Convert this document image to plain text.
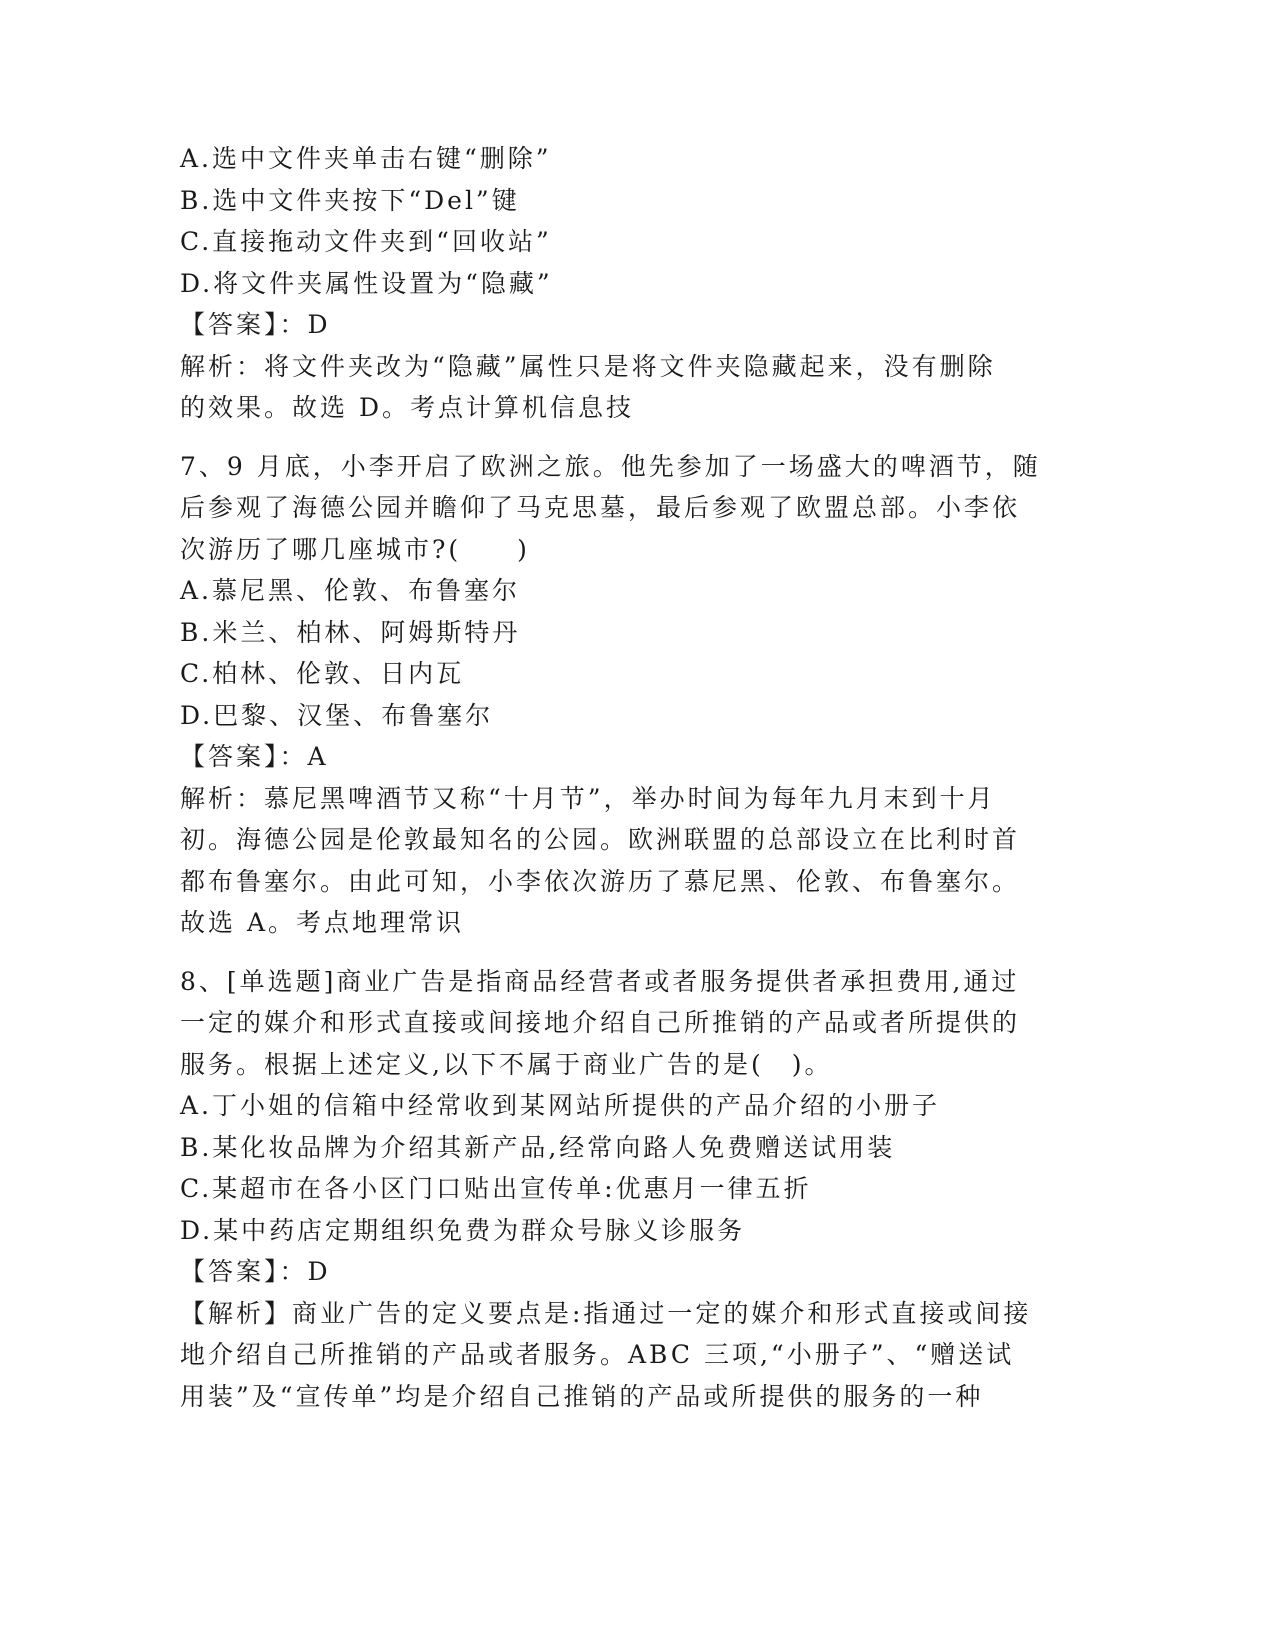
A.选中文件夹单击右键“删除”
B.选中文件夹按下“Del”键
C.直接拖动文件夹到“回收站”
D.将文件夹属性设置为“隐藏”
【答案】：D
解析：将文件夹改为“隐藏”属性只是将文件夹隐藏起来，没有删除
的效果。故选 D。考点计算机信息技
7、9 月底，小李开启了欧洲之旅。他先参加了一场盛大的啤酒节，随
后参观了海德公园并瞻仰了马克思墓，最后参观了欧盟总部。小李依
次游历了哪几座城市?(　　)
A.慕尼黑、伦敦、布鲁塞尔
B.米兰、柏林、阿姆斯特丹
C.柏林、伦敦、日内瓦
D.巴黎、汉堡、布鲁塞尔
【答案】：A
解析：慕尼黑啤酒节又称“十月节”，举办时间为每年九月末到十月
初。海德公园是伦敦最知名的公园。欧洲联盟的总部设立在比利时首
都布鲁塞尔。由此可知，小李依次游历了慕尼黑、伦敦、布鲁塞尔。
故选 A。考点地理常识
8、[单选题]商业广告是指商品经营者或者服务提供者承担费用,通过
一定的媒介和形式直接或间接地介绍自己所推销的产品或者所提供的
服务。根据上述定义,以下不属于商业广告的是(　)。
A.丁小姐的信箱中经常收到某网站所提供的产品介绍的小册子
B.某化妆品牌为介绍其新产品,经常向路人免费赠送试用装
C.某超市在各小区门口贴出宣传单:优惠月一律五折
D.某中药店定期组织免费为群众号脉义诊服务
【答案】：D
【解析】商业广告的定义要点是:指通过一定的媒介和形式直接或间接
地介绍自己所推销的产品或者服务。ABC 三项,“小册子”、“赠送试
用装”及“宣传单”均是介绍自己推销的产品或所提供的服务的一种
